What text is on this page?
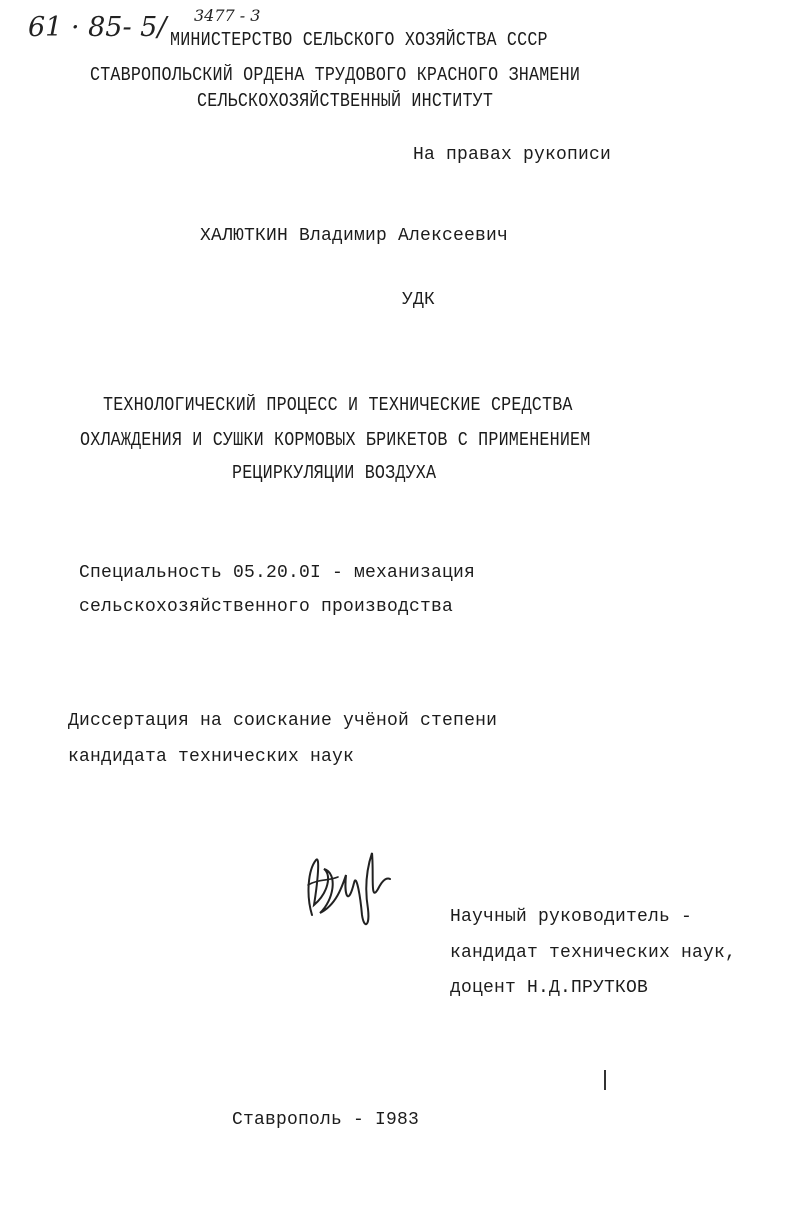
61 · 85- 5/ 3477 - 3
МИНИСТЕРСТВО СЕЛЬСКОГО ХОЗЯЙСТВА СССР
СТАВРОПОЛЬСКИЙ ОРДЕНА ТРУДОВОГО КРАСНОГО ЗНАМЕНИ
СЕЛЬСКОХОЗЯЙСТВЕННЫЙ ИНСТИТУТ
На правах рукописи
ХАЛЮТКИН Владимир Алексеевич
УДК
ТЕХНОЛОГИЧЕСКИЙ ПРОЦЕСС И ТЕХНИЧЕСКИЕ СРЕДСТВА
ОХЛАЖДЕНИЯ И СУШКИ КОРМОВЫХ БРИКЕТОВ С ПРИМЕНЕНИЕМ
РЕЦИРКУЛЯЦИИ ВОЗДУХА
Специальность 05.20.0I - механизация
сельскохозяйственного производства
Диссертация на соискание учёной степени
кандидата технических наук
Научный руководитель -
кандидат технических наук,
доцент Н.Д.ПРУТКОВ
Ставрополь - I983
